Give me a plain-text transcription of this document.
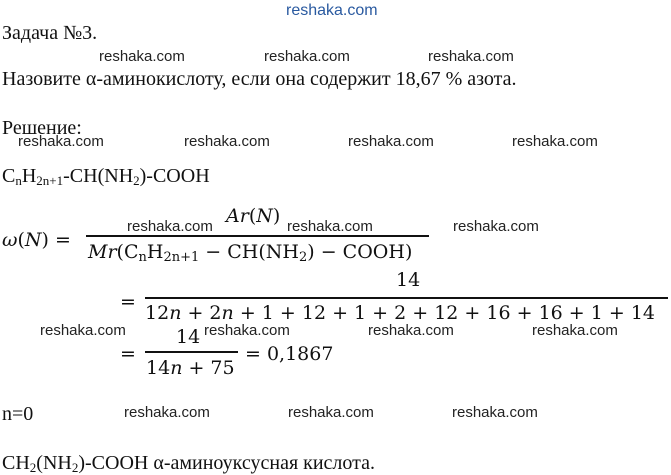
reshaka.com
Задача №3.
reshaka.com	reshaka.com	reshaka.com
Назовите α-аминокислоту, если она содержит 18,67 % азота.
Решение:
reshaka.com	reshaka.com	reshaka.com	reshaka.com
$C_nH_{2n+1}-CH(NH_2)$-COOH
ω(N) =
Ar(N)
$Mr(C_nH_{2n+1} - CH(NH_2)$ − COOH)
reshaka.com	reshaka.com	reshaka.com
=
14
12n + 2n + 1 + 12 + 1 + 2 + 12 + 16 + 16 + 1 + 14
reshaka.com	reshaka.com	reshaka.com	reshaka.com
=
14
14n + 75
= 0,1867
n=0	reshaka.com	reshaka.com	reshaka.com
$CH_2(NH_2)$-COOH α-аминоуксусная кислота.
